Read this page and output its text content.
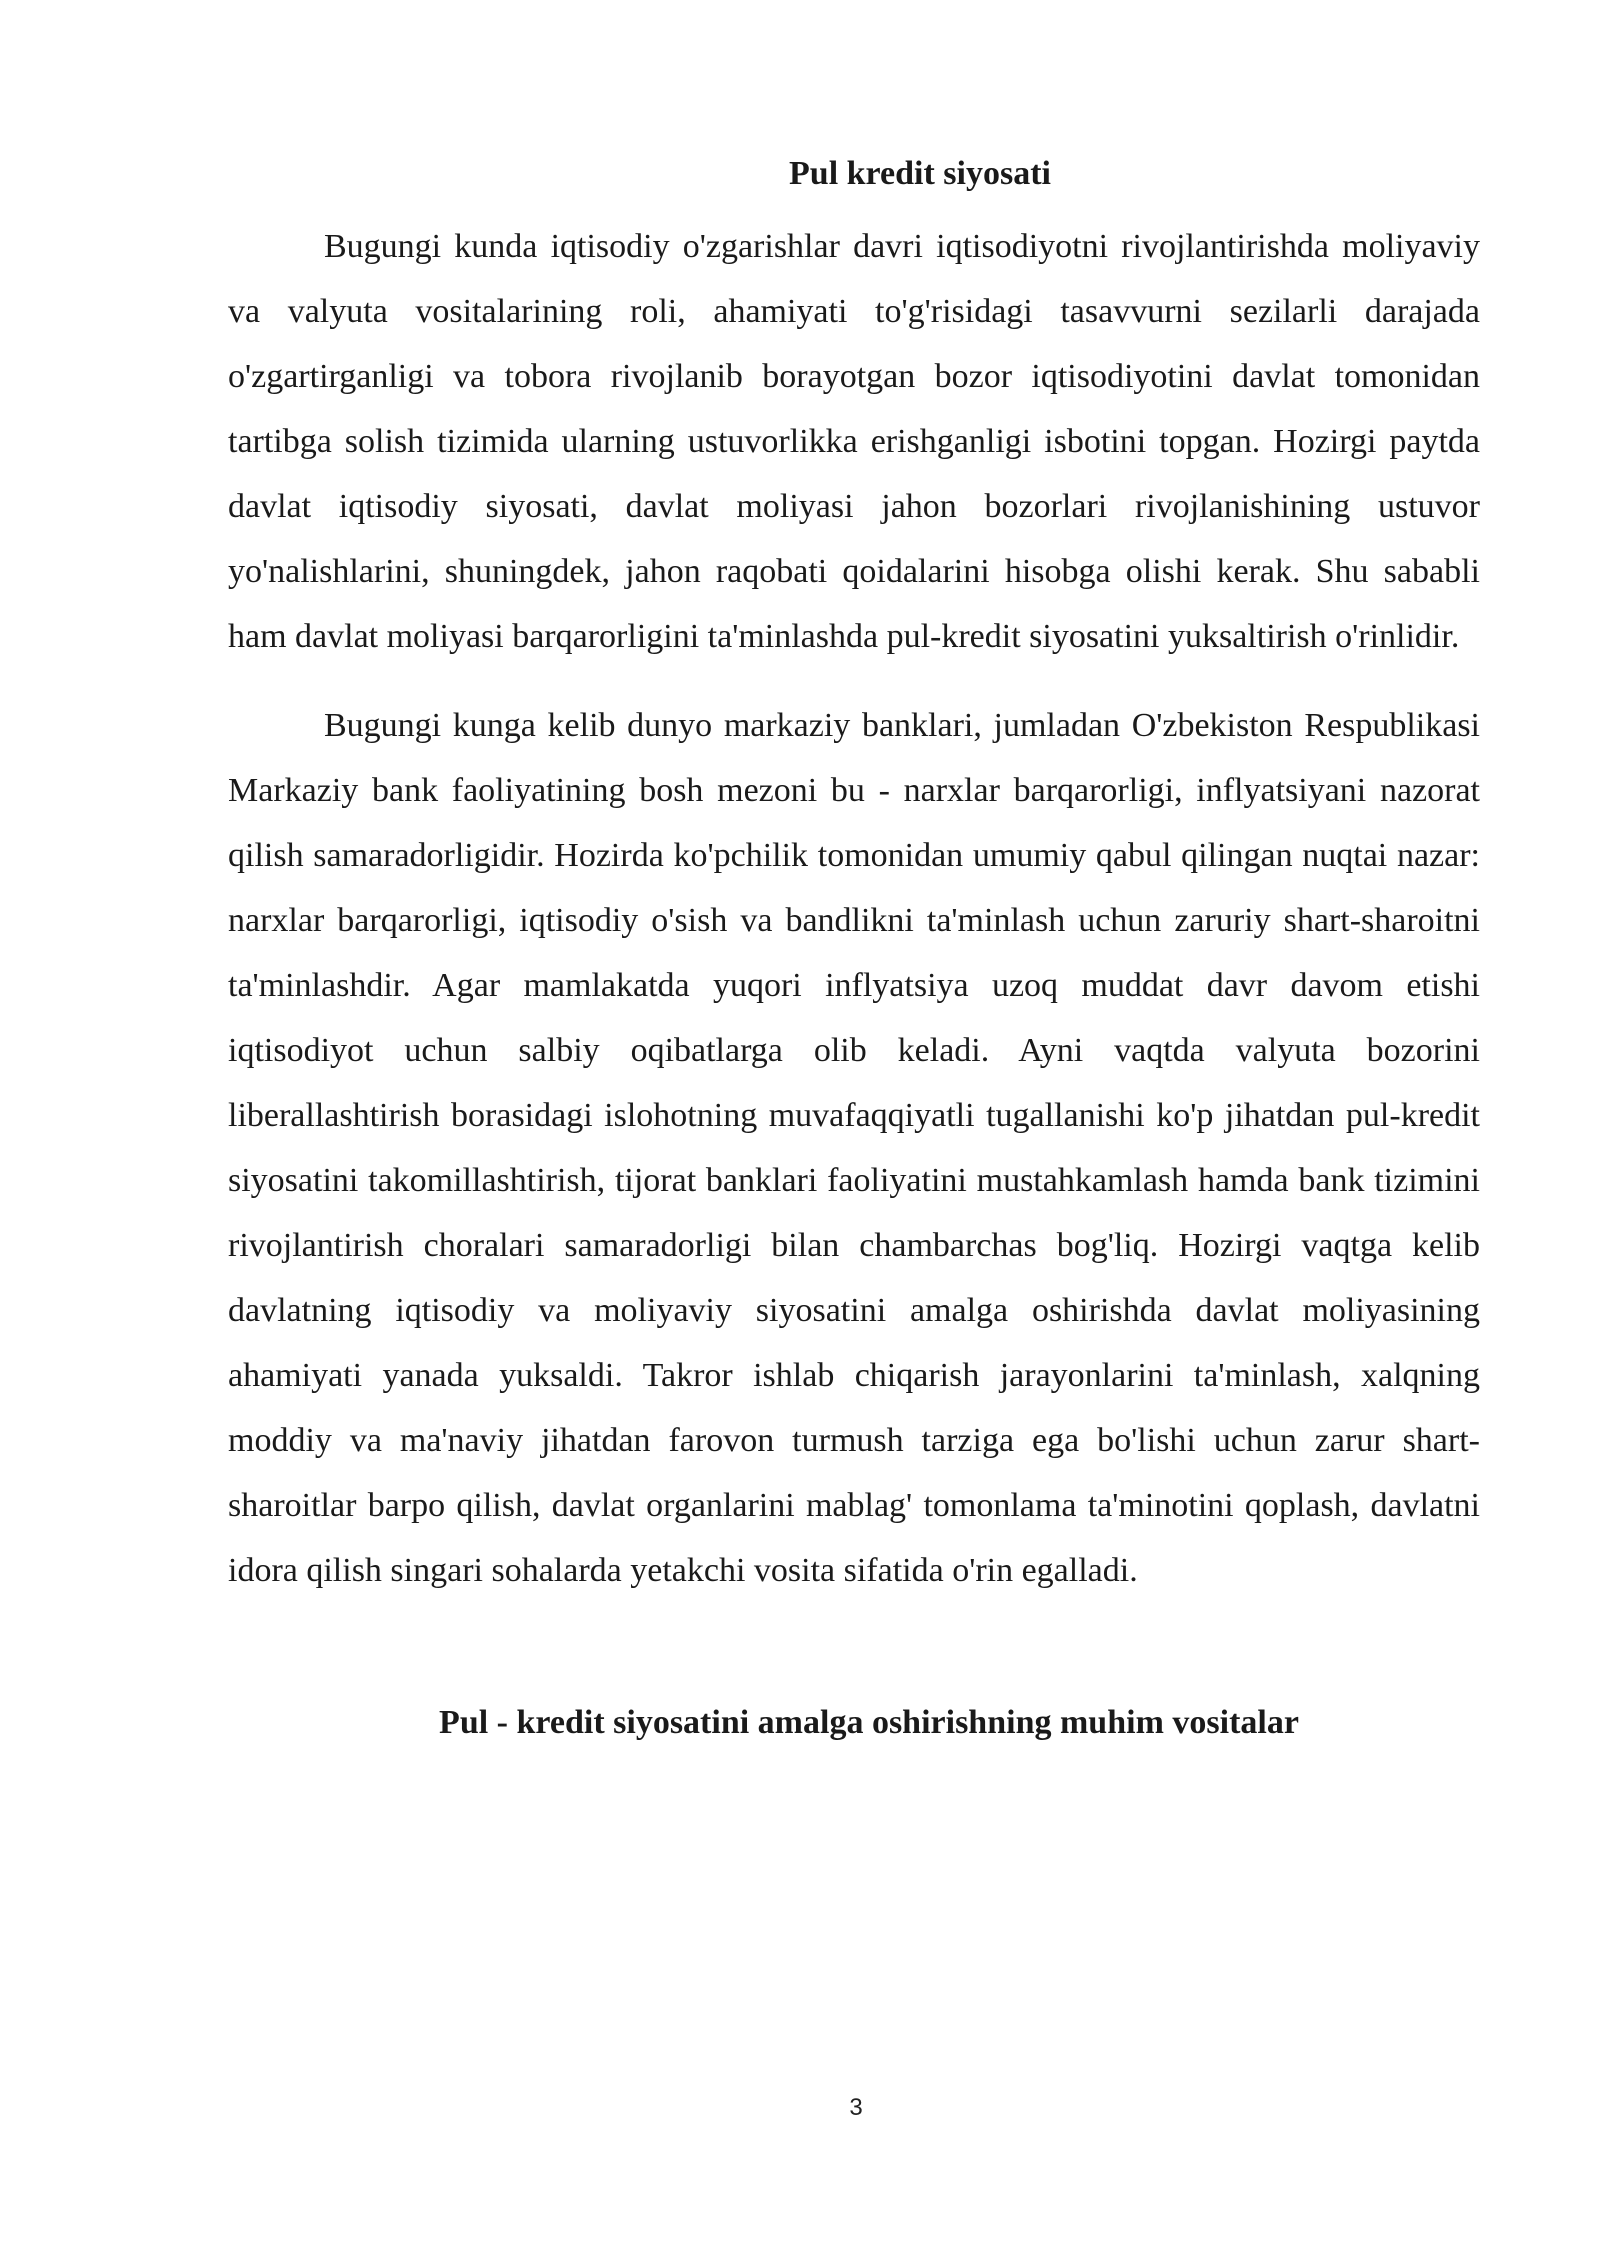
Pul kredit siyosati

Bugungi kunda iqtisodiy o'zgarishlar davri iqtisodiyotni rivojlantirishda moliyaviy va valyuta vositalarining roli, ahamiyati to'g'risidagi tasavvurni sezilarli darajada o'zgartirganligi va tobora rivojlanib borayotgan bozor iqtisodiyotini davlat tomonidan tartibga solish tizimida ularning ustuvorlikka erishganligi isbotini topgan. Hozirgi paytda davlat iqtisodiy siyosati, davlat moliyasi jahon bozorlari rivojlanishining ustuvor yo'nalishlarini, shuningdek, jahon raqobati qoidalarini hisobga olishi kerak. Shu sababli ham davlat moliyasi barqarorligini ta'minlashda pul-kredit siyosatini yuksaltirish o'rinlidir.

Bugungi kunga kelib dunyo markaziy banklari, jumladan O'zbekiston Respublikasi Markaziy bank faoliyatining bosh mezoni bu - narxlar barqarorligi, inflyatsiyani nazorat qilish samaradorligidir. Hozirda ko'pchilik tomonidan umumiy qabul qilingan nuqtai nazar: narxlar barqarorligi, iqtisodiy o'sish va bandlikni ta'minlash uchun zaruriy shart-sharoitni ta'minlashdir. Agar mamlakatda yuqori inflyatsiya uzoq muddat davr davom etishi iqtisodiyot uchun salbiy oqibatlarga olib keladi. Ayni vaqtda valyuta bozorini liberallashtirish borasidagi islohotning muvafaqqiyatli tugallanishi ko'p jihatdan pul-kredit siyosatini takomillashtirish, tijorat banklari faoliyatini mustahkamlash hamda bank tizimini rivojlantirish choralari samaradorligi bilan chambarchas bog'liq. Hozirgi vaqtga kelib davlatning iqtisodiy va moliyaviy siyosatini amalga oshirishda davlat moliyasining ahamiyati yanada yuksaldi. Takror ishlab chiqarish jarayonlarini ta'minlash, xalqning moddiy va ma'naviy jihatdan farovon turmush tarziga ega bo'lishi uchun zarur shart-sharoitlar barpo qilish, davlat organlarini mablag' tomonlama ta'minotini qoplash, davlatni idora qilish singari sohalarda yetakchi vosita sifatida o'rin egalladi.

Pul - kredit siyosatini amalga oshirishning muhim vositalar
3
